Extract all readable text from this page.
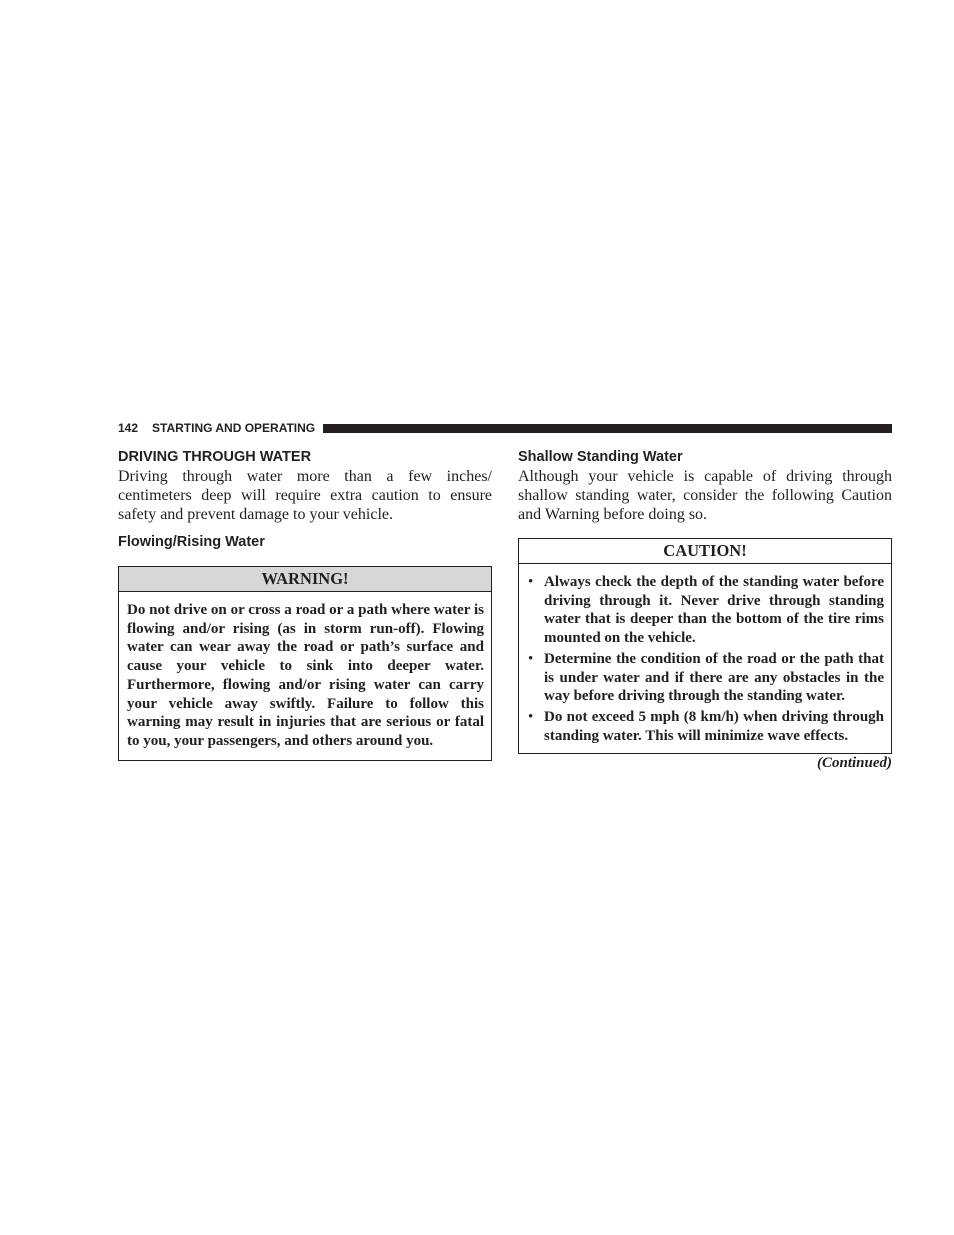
142 STARTING AND OPERATING
DRIVING THROUGH WATER

Driving through water more than a few inches/ centimeters deep will require extra caution to ensure safety and prevent damage to your vehicle.

Flowing/Rising Water
WARNING!
Do not drive on or cross a road or a path where water is flowing and/or rising (as in storm run-off). Flowing water can wear away the road or path’s surface and cause your vehicle to sink into deeper water. Furthermore, flowing and/or rising water can carry your vehicle away swiftly. Failure to follow this warning may result in injuries that are serious or fatal to you, your passengers, and others around you.
Shallow Standing Water

Although your vehicle is capable of driving through shallow standing water, consider the following Caution and Warning before doing so.

CAUTION!
• Always check the depth of the standing water before driving through it. Never drive through standing water that is deeper than the bottom of the tire rims mounted on the vehicle.
• Determine the condition of the road or the path that is under water and if there are any obstacles in the way before driving through the standing water.
• Do not exceed 5 mph (8 km/h) when driving through standing water. This will minimize wave effects.
(Continued)
